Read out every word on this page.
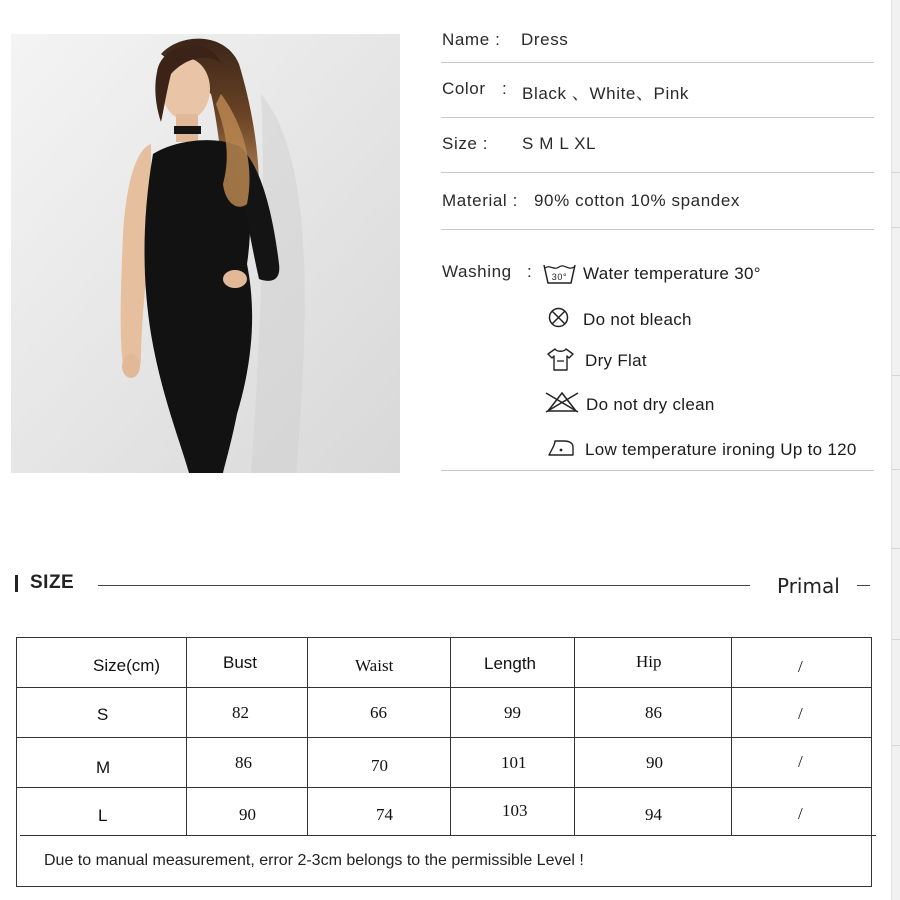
Name : Dress
Color : Black 、White、Pink
Size : S M L XL
Material : 90% cotton 10% spandex
Washing : 30° Water temperature 30°
Do not bleach
Dry Flat
Do not dry clean
Low temperature ironing Up to 120
SIZE	Primal
Size(cm)	Bust	Waist	Length	Hip	/
S	82	66	99	86	/
M	86	70	101	90	/
L	90	74	103	94	/
Due to manual measurement, error 2-3cm belongs to the permissible Level !
